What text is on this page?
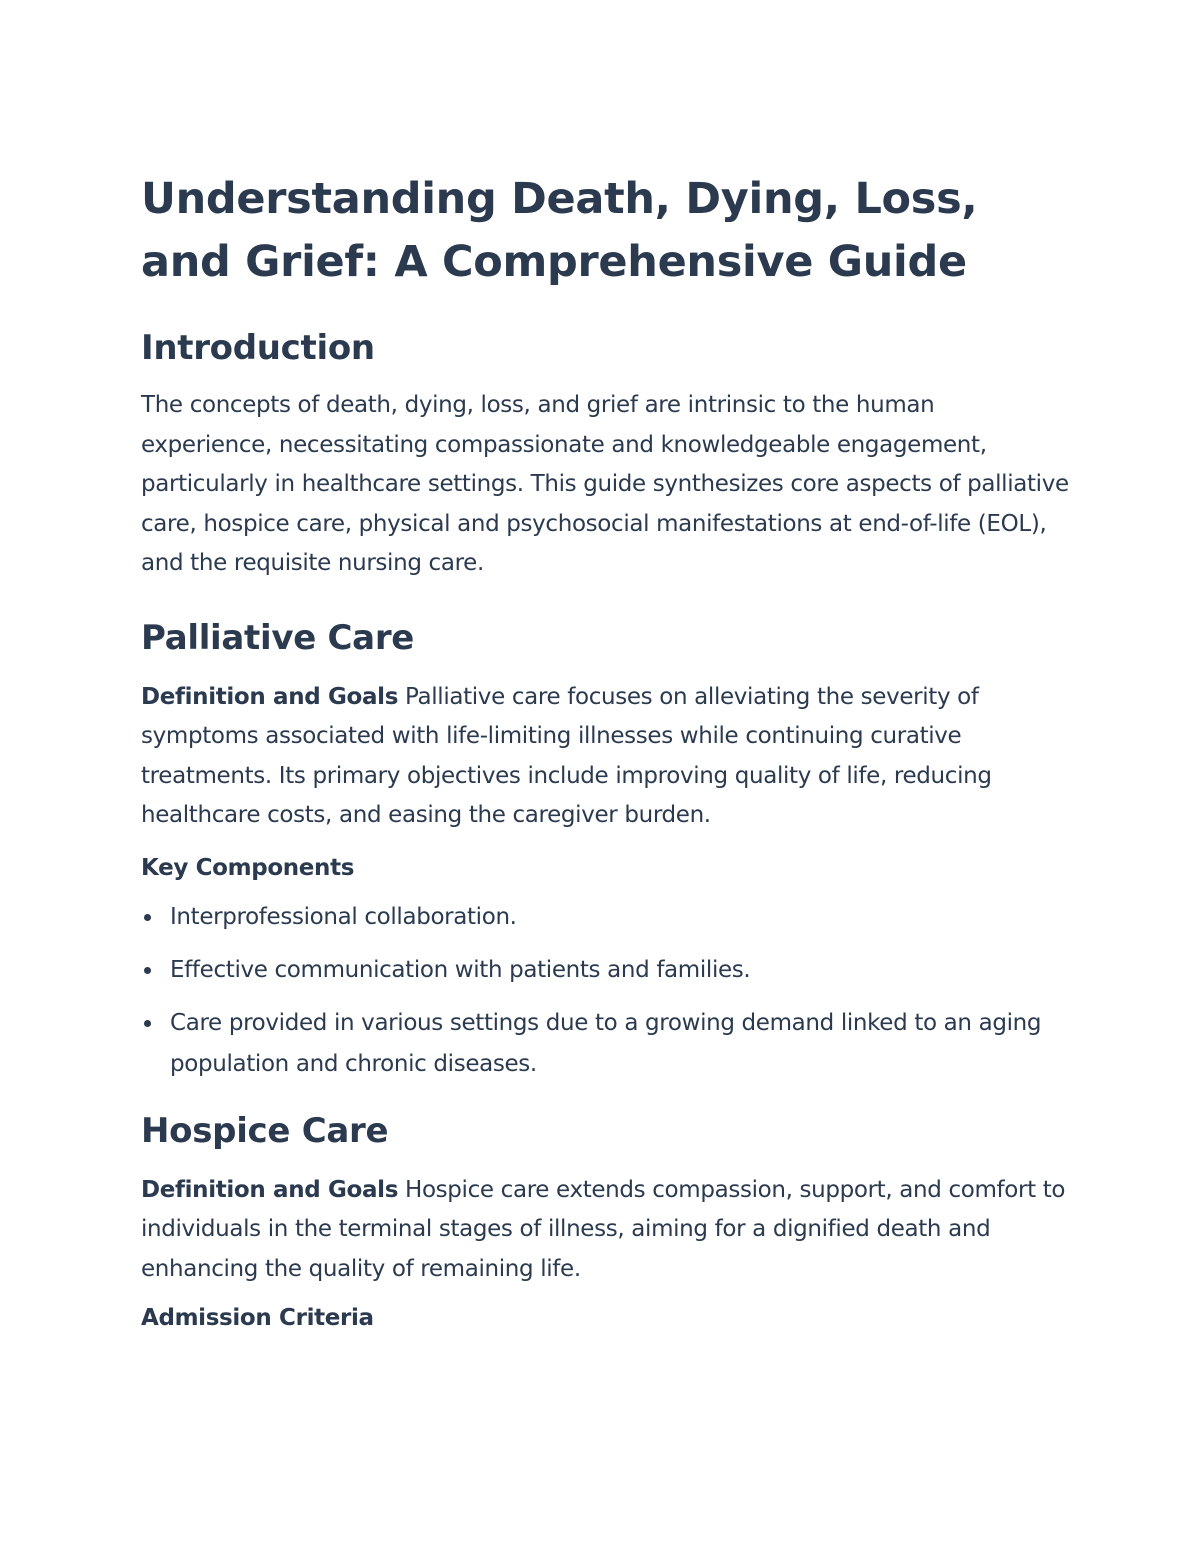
Understanding Death, Dying, Loss, and Grief: A Comprehensive Guide
Introduction

The concepts of death, dying, loss, and grief are intrinsic to the human experience, necessitating compassionate and knowledgeable engagement, particularly in healthcare settings. This guide synthesizes core aspects of palliative care, hospice care, physical and psychosocial manifestations at end-of-life (EOL), and the requisite nursing care.

Palliative Care

Definition and Goals Palliative care focuses on alleviating the severity of symptoms associated with life-limiting illnesses while continuing curative treatments. Its primary objectives include improving quality of life, reducing healthcare costs, and easing the caregiver burden.

Key Components
Interprofessional collaboration.
Effective communication with patients and families.
Care provided in various settings due to a growing demand linked to an aging population and chronic diseases.
Hospice Care

Definition and Goals Hospice care extends compassion, support, and comfort to individuals in the terminal stages of illness, aiming for a dignified death and enhancing the quality of remaining life.

Admission Criteria
